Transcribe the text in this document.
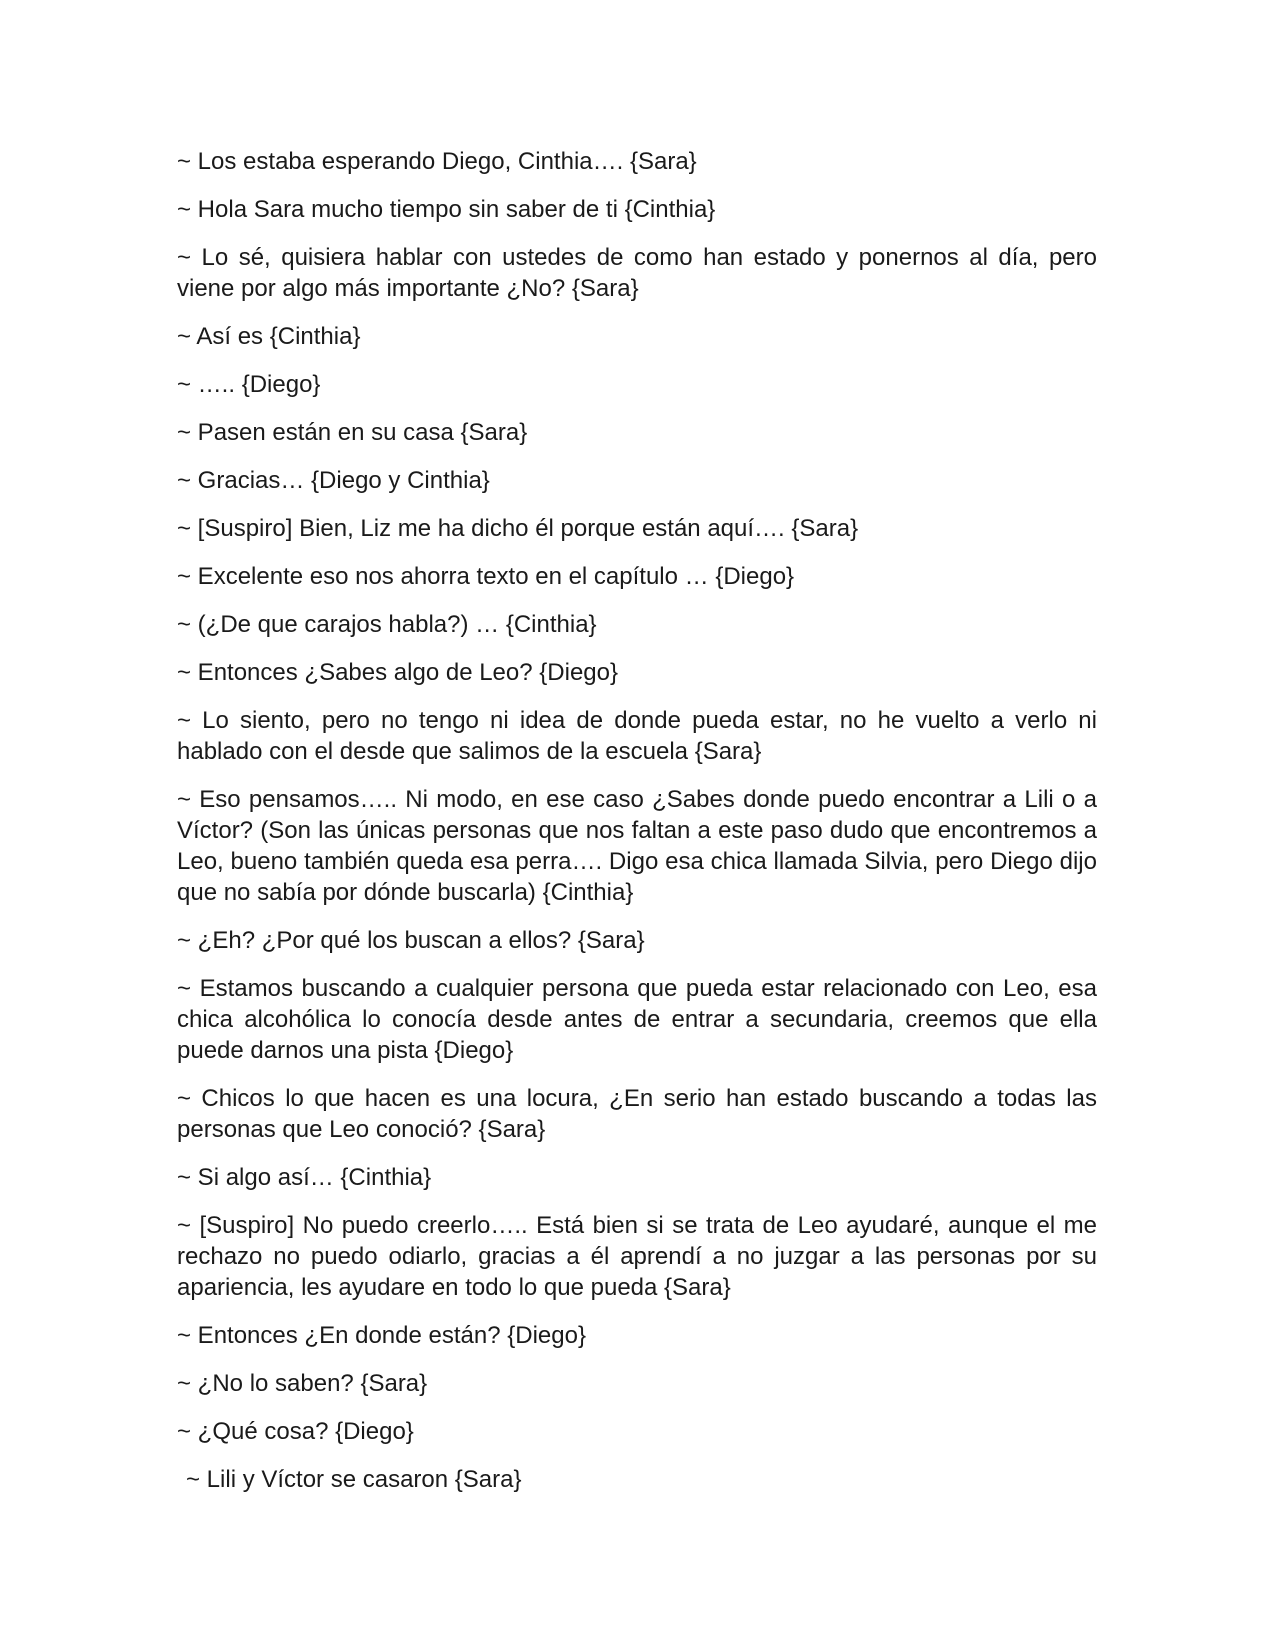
~ Los estaba esperando Diego, Cinthia…. {Sara}

~ Hola Sara mucho tiempo sin saber de ti {Cinthia}

~ Lo sé, quisiera hablar con ustedes de como han estado y ponernos al día, pero viene por algo más importante ¿No? {Sara}

~ Así es {Cinthia}

~ ….. {Diego}

~ Pasen están en su casa {Sara}

~ Gracias… {Diego y Cinthia}

~ [Suspiro] Bien, Liz me ha dicho él porque están aquí…. {Sara}

~ Excelente eso nos ahorra texto en el capítulo … {Diego}

~ (¿De que carajos habla?) … {Cinthia}

~ Entonces ¿Sabes algo de Leo? {Diego}

~ Lo siento, pero no tengo ni idea de donde pueda estar, no he vuelto a verlo ni hablado con el desde que salimos de la escuela {Sara}

~ Eso pensamos….. Ni modo, en ese caso ¿Sabes donde puedo encontrar a Lili o a Víctor? (Son las únicas personas que nos faltan a este paso dudo que encontremos a Leo, bueno también queda esa perra…. Digo esa chica llamada Silvia, pero Diego dijo que no sabía por dónde buscarla) {Cinthia}

~ ¿Eh? ¿Por qué los buscan a ellos? {Sara}

~ Estamos buscando a cualquier persona que pueda estar relacionado con Leo, esa chica alcohólica lo conocía desde antes de entrar a secundaria, creemos que ella puede darnos una pista {Diego}

~ Chicos lo que hacen es una locura, ¿En serio han estado buscando a todas las personas que Leo conoció? {Sara}

~ Si algo así… {Cinthia}

~ [Suspiro] No puedo creerlo….. Está bien si se trata de Leo ayudaré, aunque el me rechazo no puedo odiarlo, gracias a él aprendí a no juzgar a las personas por su apariencia, les ayudare en todo lo que pueda {Sara}

~ Entonces ¿En donde están? {Diego}

~ ¿No lo saben? {Sara}

~ ¿Qué cosa? {Diego}

~ Lili y Víctor se casaron {Sara}
